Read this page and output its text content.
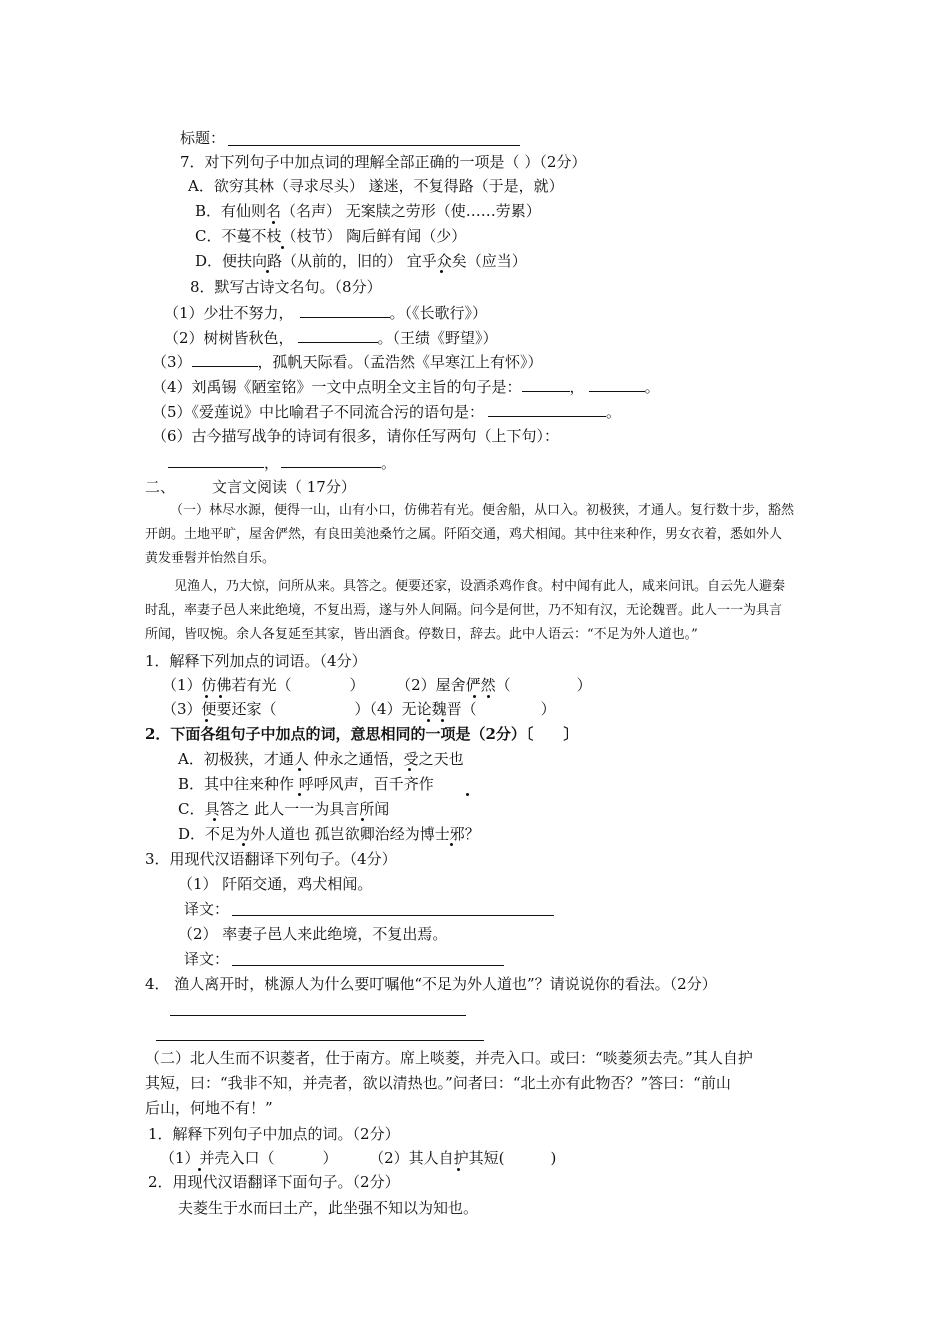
标题：
7．对下列句子中加点词的理解全部正确的一项是（ ）（2分）
A．欲穷其林（寻求尽头） 遂迷，不复得路（于是，就）
B．有仙则名（名声） 无案牍之劳形（使……劳累）
C．不蔓不枝（枝节） 陶后鲜有闻（少）
D．便扶向路（从前的，旧的） 宜乎众矣（应当）
8．默写古诗文名句。（8分）
（1）少壮不努力，	。（《长歌行》）
（2）树树皆秋色，	。（王绩《野望》）
（3）	，孤帆天际看。（孟浩然《早寒江上有怀》）
（4）刘禹锡《陋室铭》一文中点明全文主旨的句子是：	，	。
（5）《爱莲说》中比喻君子不同流合污的语句是：	。
（6）古今描写战争的诗词有很多，请你任写两句（上下句）：
，	。
二、 文言文阅读（ 17分）
（一）林尽水源，便得一山，山有小口，仿佛若有光。便舍船，从口入。初极狭，才通人。复行数十步，豁然
开朗。土地平旷，屋舍俨然，有良田美池桑竹之属。阡陌交通，鸡犬相闻。其中往来种作，男女衣着，悉如外人
黄发垂髫并怡然自乐。
见渔人，乃大惊，问所从来。具答之。便要还家，设酒杀鸡作食。村中闻有此人，咸来问讯。自云先人避秦
时乱，率妻子邑人来此绝境，不复出焉，遂与外人间隔。问今是何世，乃不知有汉，无论魏晋。此人一一为具言
所闻，皆叹惋。余人各复延至其家，皆出酒食。停数日，辞去。此中人语云：“不足为外人道也。”
1．解释下列加点的词语。（4分）
（1）仿佛若有光（	） （2）屋舍俨然（	）
（3）便要还家（	）（4）无论魏晋（	）
2．下面各组句子中加点的词，意思相同的一项是（2分）〔　　〕
A．初极狭，才通人 仲永之通悟，受之天也
B．其中往来种作 呼呼风声，百千齐作
C．具答之 此人一一为具言所闻
D．不足为外人道也 孤岂欲卿治经为博士邪？
3．用现代汉语翻译下列句子。（4分）
（1） 阡陌交通，鸡犬相闻。
译文：
（2） 率妻子邑人来此绝境，不复出焉。
译文：
4． 渔人离开时，桃源人为什么要叮嘱他“不足为外人道也”？请说说你的看法。（2分）
（二）北人生而不识菱者，仕于南方。席上啖菱，并壳入口。或曰：“啖菱须去壳。”其人自护
其短，曰：“我非不知，并壳者，欲以清热也。”问者曰：“北土亦有此物否？”答曰：“前山
后山，何地不有！”
1．解释下列句子中加点的词。（2分）
（1）并壳入口（	） （2）其人自护其短(	)
2．用现代汉语翻译下面句子。（2分）
夫菱生于水而曰土产，此坐强不知以为知也。
